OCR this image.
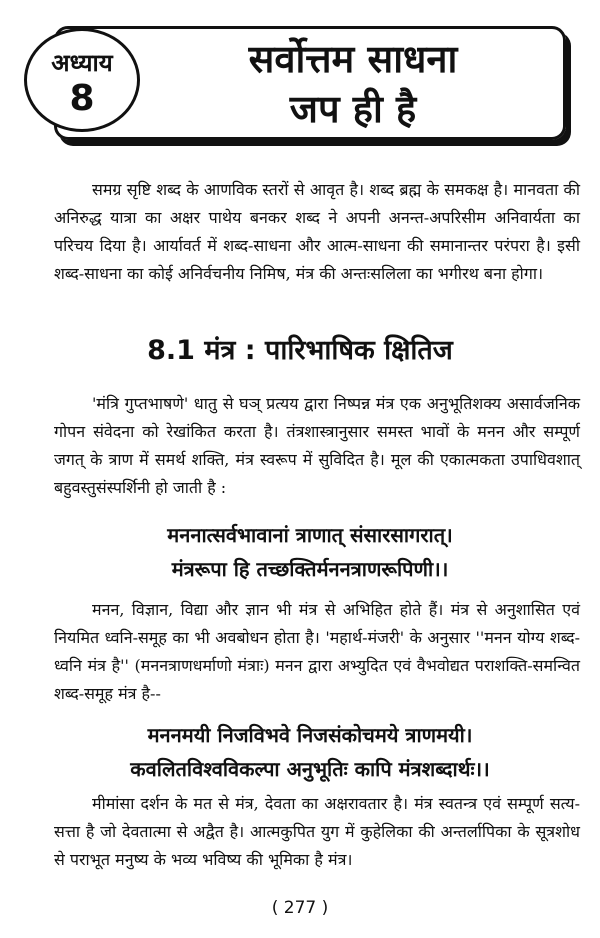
अध्याय
8
सर्वोत्तम साधना
जप ही है

समग्र सृष्टि शब्द के आणविक स्तरों से आवृत है। शब्द ब्रह्म के समकक्ष है। मानवता की अनिरुद्ध यात्रा का अक्षर पाथेय बनकर शब्द ने अपनी अनन्त-अपरिसीम अनिवार्यता का परिचय दिया है। आर्यावर्त में शब्द-साधना और आत्म-साधना की समानान्तर परंपरा है। इसी शब्द-साधना का कोई अनिर्वचनीय निमिष, मंत्र की अन्तःसलिला का भगीरथ बना होगा।

8.1 मंत्र : पारिभाषिक क्षितिज

'मंत्रि गुप्तभाषणे' धातु से घञ् प्रत्यय द्वारा निष्पन्न मंत्र एक अनुभूतिशक्य असार्वजनिक गोपन संवेदना को रेखांकित करता है। तंत्रशास्त्रानुसार समस्त भावों के मनन और सम्पूर्ण जगत् के त्राण में समर्थ शक्ति, मंत्र स्वरूप में सुविदित है। मूल की एकात्मकता उपाधिवशात् बहुवस्तुसंस्पर्शिनी हो जाती है :

मननात्सर्वभावानां त्राणात् संसारसागरात्।
मंत्ररूपा हि तच्छक्तिर्मननत्राणरूपिणी।।

मनन, विज्ञान, विद्या और ज्ञान भी मंत्र से अभिहित होते हैं। मंत्र से अनुशासित एवं नियमित ध्वनि-समूह का भी अवबोधन होता है। 'महार्थ-मंजरी' के अनुसार ''मनन योग्य शब्द-ध्वनि मंत्र है'' (मननत्राणधर्माणो मंत्राः) मनन द्वारा अभ्युदित एवं वैभवोद्यत पराशक्ति-समन्वित शब्द-समूह मंत्र है--

मननमयी निजविभवे निजसंकोचमये त्राणमयी।
कवलितविश्वविकल्पा अनुभूतिः कापि मंत्रशब्दार्थः।।

मीमांसा दर्शन के मत से मंत्र, देवता का अक्षरावतार है। मंत्र स्वतन्त्र एवं सम्पूर्ण सत्य-सत्ता है जो देवतात्मा से अद्वैत है। आत्मकुपित युग में कुहेलिका की अन्तर्लापिका के सूत्रशोध से पराभूत मनुष्य के भव्य भविष्य की भूमिका है मंत्र।

( 277 )
